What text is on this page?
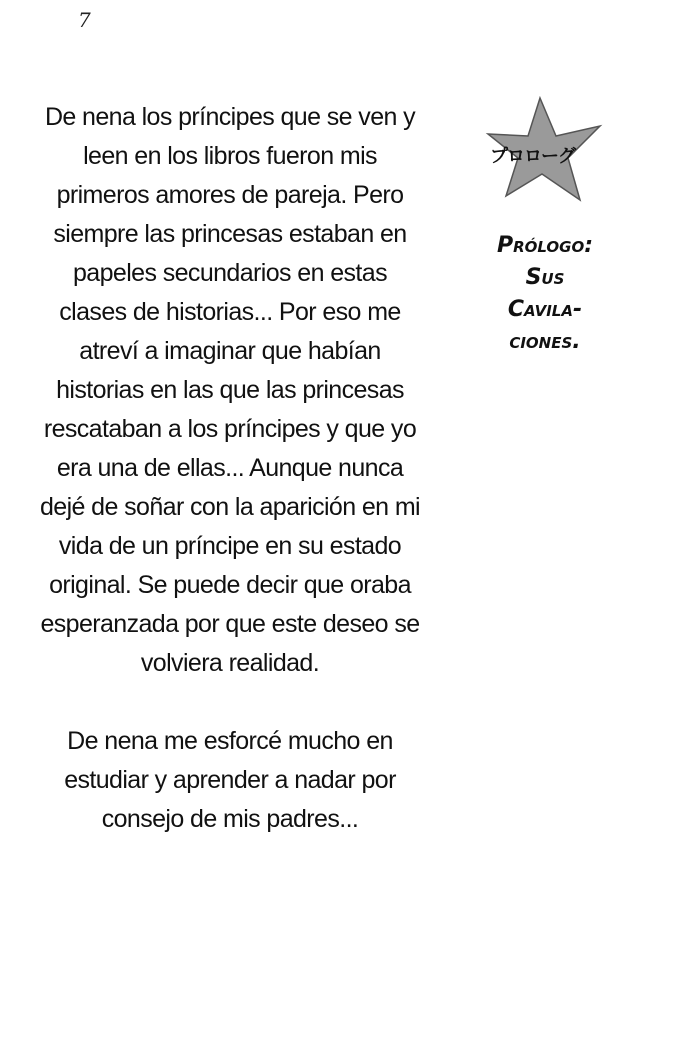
7
De nena los príncipes que se ven y
leen en los libros fueron mis
primeros amores de pareja. Pero
siempre las princesas estaban en
papeles secundarios en estas
clases de historias... Por eso me
atreví a imaginar que habían
historias en las que las princesas
rescataban a los príncipes y que yo
era una de ellas... Aunque nunca
dejé de soñar con la aparición en mi
vida de un príncipe en su estado
original. Se puede decir que oraba
esperanzada por que este deseo se
volviera realidad.
De nena me esforcé mucho en
estudiar y aprender a nadar por
consejo de mis padres...
プロローグ
Prólogo:
Sus
Cavila-
ciones.
